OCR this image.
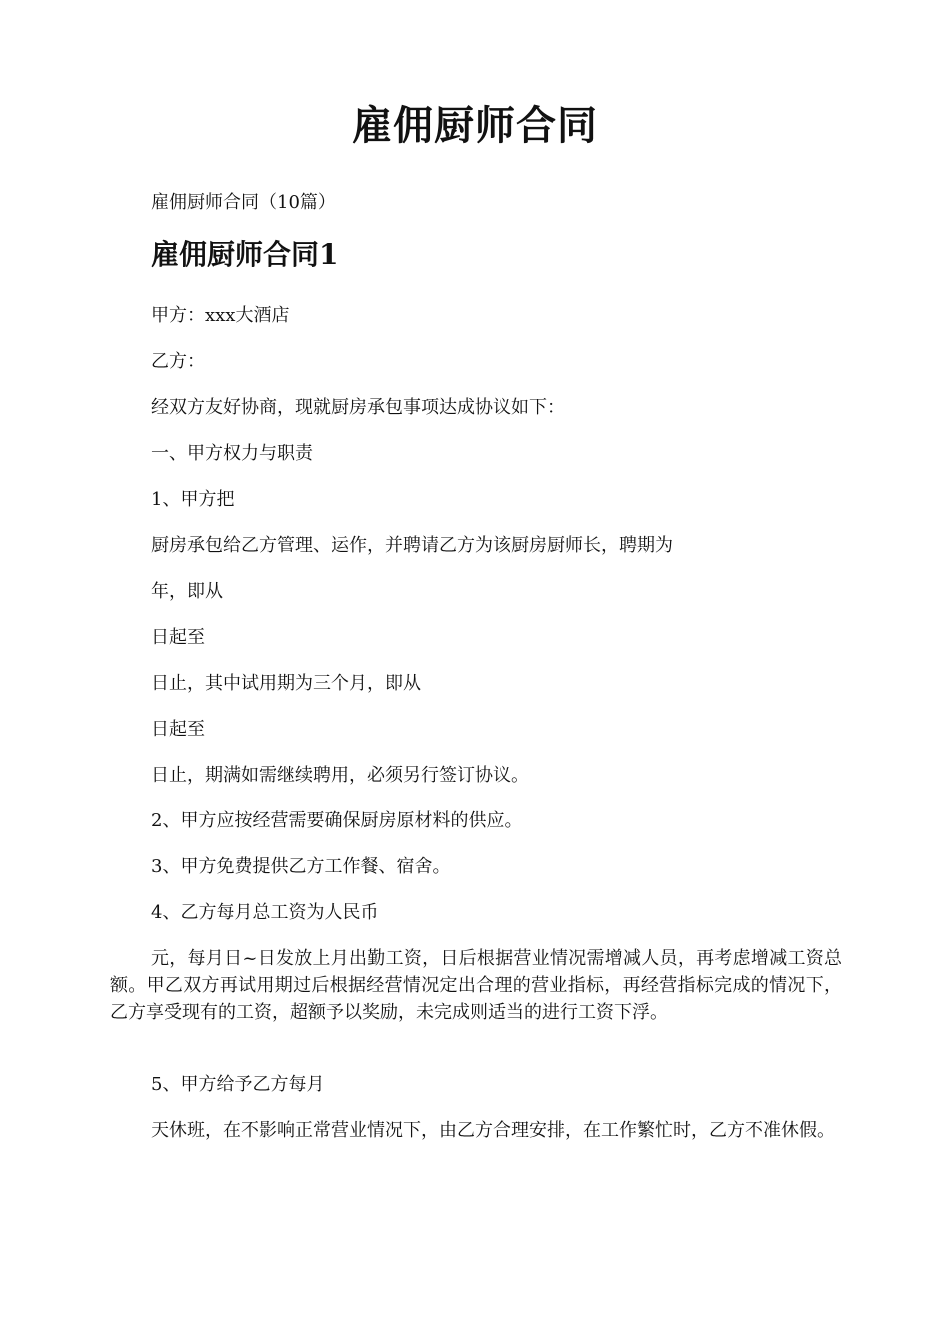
雇佣厨师合同
雇佣厨师合同（10篇）
雇佣厨师合同1
甲方：xxx大酒店
乙方：
经双方友好协商，现就厨房承包事项达成协议如下：
一、甲方权力与职责
1、甲方把
厨房承包给乙方管理、运作，并聘请乙方为该厨房厨师长，聘期为
年，即从
日起至
日止，其中试用期为三个月，即从
日起至
日止，期满如需继续聘用，必须另行签订协议。
2、甲方应按经营需要确保厨房原材料的供应。
3、甲方免费提供乙方工作餐、宿舍。
4、乙方每月总工资为人民币
元，每月日~日发放上月出勤工资，日后根据营业情况需增减人员，再考虑增减工资总额。甲乙双方再试用期过后根据经营情况定出合理的营业指标，再经营指标完成的情况下，乙方享受现有的工资，超额予以奖励，未完成则适当的进行工资下浮。
5、甲方给予乙方每月
天休班，在不影响正常营业情况下，由乙方合理安排，在工作繁忙时，乙方不准休假。
